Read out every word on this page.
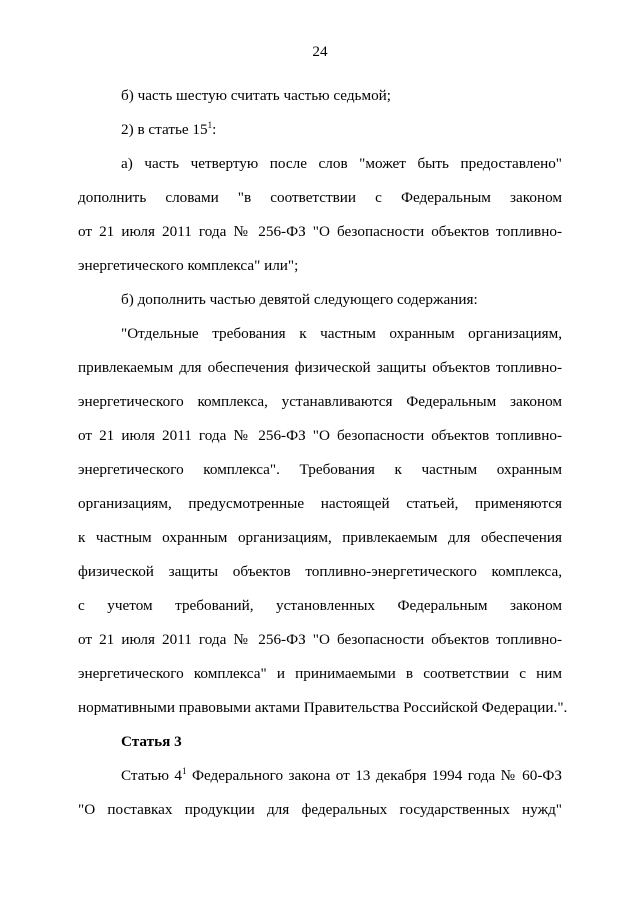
24
б) часть шестую считать частью седьмой;
2) в статье $15^1$:
а) часть четвертую после слов "может быть предоставлено"
дополнить словами "в соответствии с Федеральным законом
от 21 июля 2011 года № 256-ФЗ "О безопасности объектов топливно-
энергетического комплекса" или";
б) дополнить частью девятой следующего содержания:
"Отдельные требования к частным охранным организациям,
привлекаемым для обеспечения физической защиты объектов топливно-
энергетического комплекса, устанавливаются Федеральным законом
от 21 июля 2011 года № 256-ФЗ "О безопасности объектов топливно-
энергетического комплекса". Требования к частным охранным
организациям, предусмотренные настоящей статьей, применяются
к частным охранным организациям, привлекаемым для обеспечения
физической защиты объектов топливно-энергетического комплекса,
с учетом требований, установленных Федеральным законом
от 21 июля 2011 года № 256-ФЗ "О безопасности объектов топливно-
энергетического комплекса" и принимаемыми в соответствии с ним
нормативными правовыми актами Правительства Российской Федерации.".
Статья 3
Статью $4^1$ Федерального закона от 13 декабря 1994 года № 60-ФЗ
"О поставках продукции для федеральных государственных нужд"
